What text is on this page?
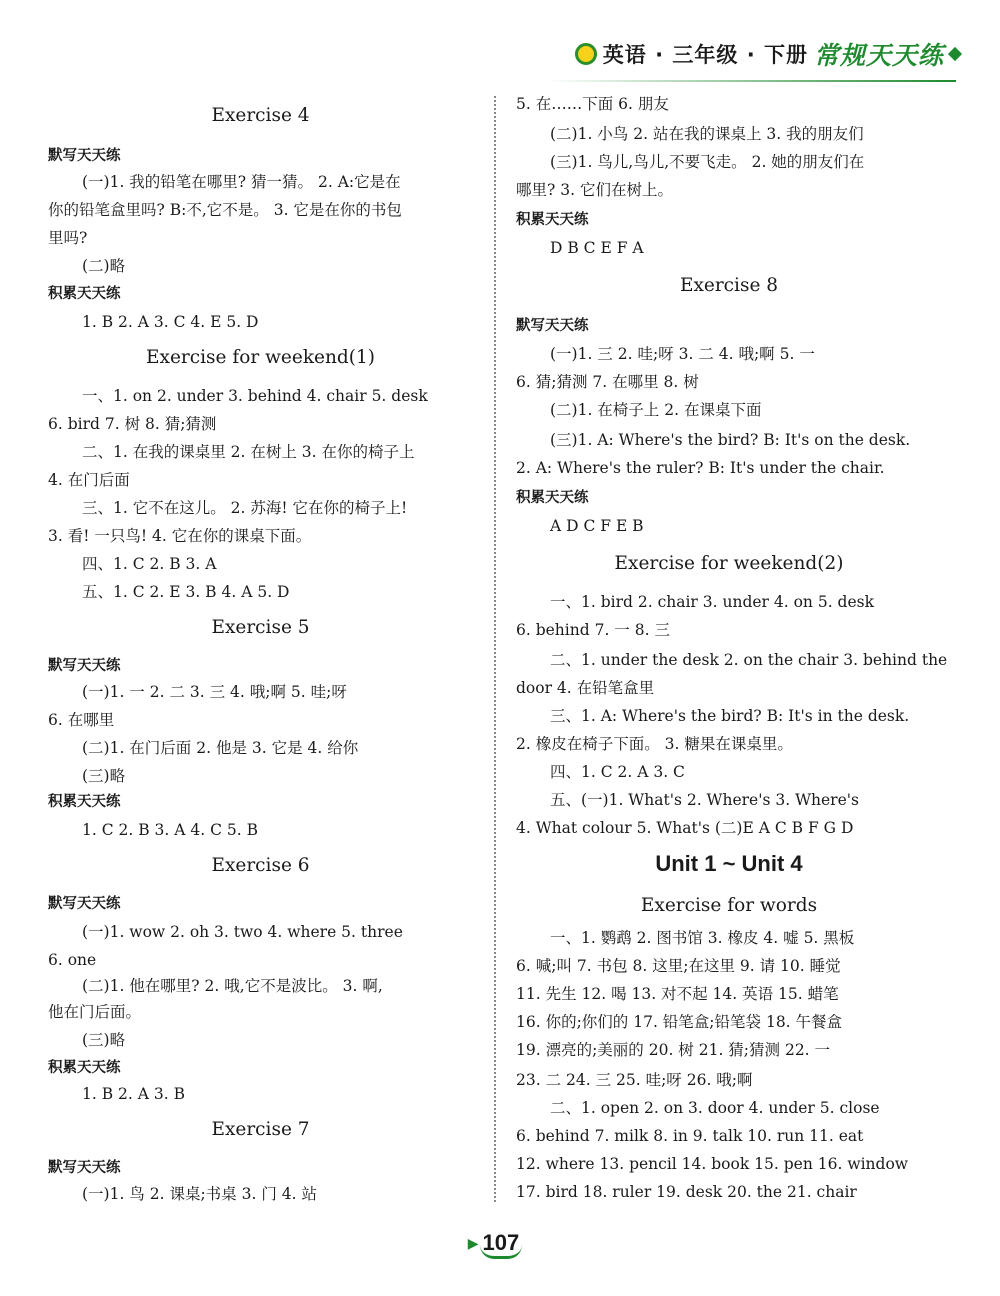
英语 · 三年级 · 下册 常规天天练
Exercise 4
默写天天练
(一)1. 我的铅笔在哪里? 猜一猜。 2. A:它是在
你的铅笔盒里吗? B:不,它不是。 3. 它是在你的书包
里吗?
(二)略
积累天天练
1. B 2. A 3. C 4. E 5. D
Exercise for weekend(1)
一、1. on 2. under 3. behind 4. chair 5. desk
6. bird 7. 树 8. 猜;猜测
二、1. 在我的课桌里 2. 在树上 3. 在你的椅子上
4. 在门后面
三、1. 它不在这儿。 2. 苏海! 它在你的椅子上!
3. 看! 一只鸟! 4. 它在你的课桌下面。
四、1. C 2. B 3. A
五、1. C 2. E 3. B 4. A 5. D
Exercise 5
默写天天练
(一)1. 一 2. 二 3. 三 4. 哦;啊 5. 哇;呀
6. 在哪里
(二)1. 在门后面 2. 他是 3. 它是 4. 给你
(三)略
积累天天练
1. C 2. B 3. A 4. C 5. B
Exercise 6
默写天天练
(一)1. wow 2. oh 3. two 4. where 5. three
6. one
(二)1. 他在哪里? 2. 哦,它不是波比。 3. 啊,
他在门后面。
(三)略
积累天天练
1. B 2. A 3. B
Exercise 7
默写天天练
(一)1. 鸟 2. 课桌;书桌 3. 门 4. 站
5. 在……下面 6. 朋友
(二)1. 小鸟 2. 站在我的课桌上 3. 我的朋友们
(三)1. 鸟儿,鸟儿,不要飞走。 2. 她的朋友们在
哪里? 3. 它们在树上。
积累天天练
D B C E F A
Exercise 8
默写天天练
(一)1. 三 2. 哇;呀 3. 二 4. 哦;啊 5. 一
6. 猜;猜测 7. 在哪里 8. 树
(二)1. 在椅子上 2. 在课桌下面
(三)1. A: Where's the bird? B: It's on the desk.
2. A: Where's the ruler? B: It's under the chair.
积累天天练
A D C F E B
Exercise for weekend(2)
一、1. bird 2. chair 3. under 4. on 5. desk
6. behind 7. 一 8. 三
二、1. under the desk 2. on the chair 3. behind the
door 4. 在铅笔盒里
三、1. A: Where's the bird? B: It's in the desk.
2. 橡皮在椅子下面。 3. 糖果在课桌里。
四、1. C 2. A 3. C
五、(一)1. What's 2. Where's 3. Where's
4. What colour 5. What's (二)E A C B F G D
Unit 1 ~ Unit 4
Exercise for words
一、1. 鹦鹉 2. 图书馆 3. 橡皮 4. 嘘 5. 黑板
6. 喊;叫 7. 书包 8. 这里;在这里 9. 请 10. 睡觉
11. 先生 12. 喝 13. 对不起 14. 英语 15. 蜡笔
16. 你的;你们的 17. 铅笔盒;铅笔袋 18. 午餐盒
19. 漂亮的;美丽的 20. 树 21. 猜;猜测 22. 一
23. 二 24. 三 25. 哇;呀 26. 哦;啊
二、1. open 2. on 3. door 4. under 5. close
6. behind 7. milk 8. in 9. talk 10. run 11. eat
12. where 13. pencil 14. book 15. pen 16. window
17. bird 18. ruler 19. desk 20. the 21. chair
▶ 107
